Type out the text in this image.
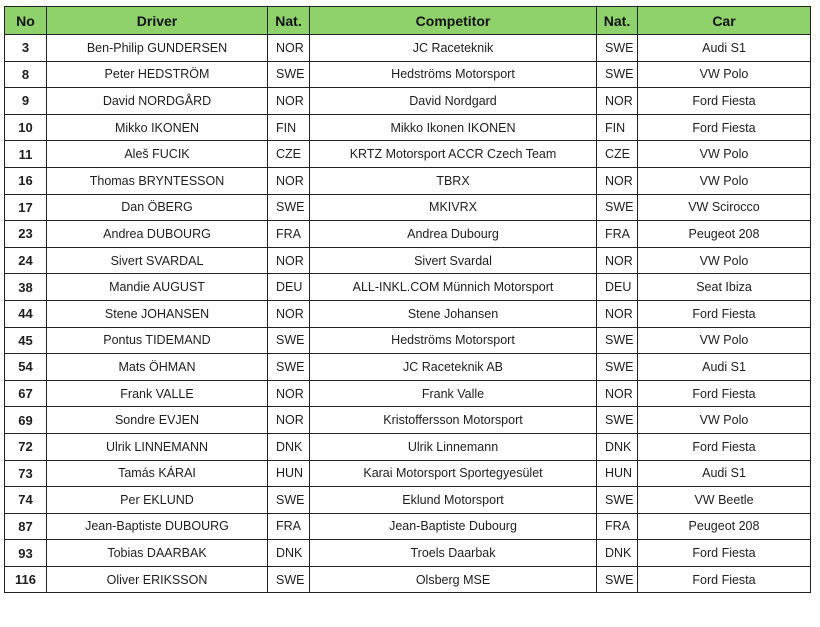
No	Driver	Nat.	Competitor	Nat.	Car
3	Ben-Philip GUNDERSEN	NOR	JC Raceteknik	SWE	Audi S1
8	Peter HEDSTRÖM	SWE	Hedströms Motorsport	SWE	VW Polo
9	David NORDGÅRD	NOR	David Nordgard	NOR	Ford Fiesta
10	Mikko IKONEN	FIN	Mikko Ikonen IKONEN	FIN	Ford Fiesta
11	Aleš FUCIK	CZE	KRTZ Motorsport ACCR Czech Team	CZE	VW Polo
16	Thomas BRYNTESSON	NOR	TBRX	NOR	VW Polo
17	Dan ÖBERG	SWE	MKIVRX	SWE	VW Scirocco
23	Andrea DUBOURG	FRA	Andrea Dubourg	FRA	Peugeot 208
24	Sivert SVARDAL	NOR	Sivert Svardal	NOR	VW Polo
38	Mandie AUGUST	DEU	ALL-INKL.COM Münnich Motorsport	DEU	Seat Ibiza
44	Stene JOHANSEN	NOR	Stene Johansen	NOR	Ford Fiesta
45	Pontus TIDEMAND	SWE	Hedströms Motorsport	SWE	VW Polo
54	Mats ÖHMAN	SWE	JC Raceteknik AB	SWE	Audi S1
67	Frank VALLE	NOR	Frank Valle	NOR	Ford Fiesta
69	Sondre EVJEN	NOR	Kristoffersson Motorsport	SWE	VW Polo
72	Ulrik LINNEMANN	DNK	Ulrik Linnemann	DNK	Ford Fiesta
73	Tamás KÁRAI	HUN	Karai Motorsport Sportegyesület	HUN	Audi S1
74	Per EKLUND	SWE	Eklund Motorsport	SWE	VW Beetle
87	Jean-Baptiste DUBOURG	FRA	Jean-Baptiste Dubourg	FRA	Peugeot 208
93	Tobias DAARBAK	DNK	Troels Daarbak	DNK	Ford Fiesta
116	Oliver ERIKSSON	SWE	Olsberg MSE	SWE	Ford Fiesta
